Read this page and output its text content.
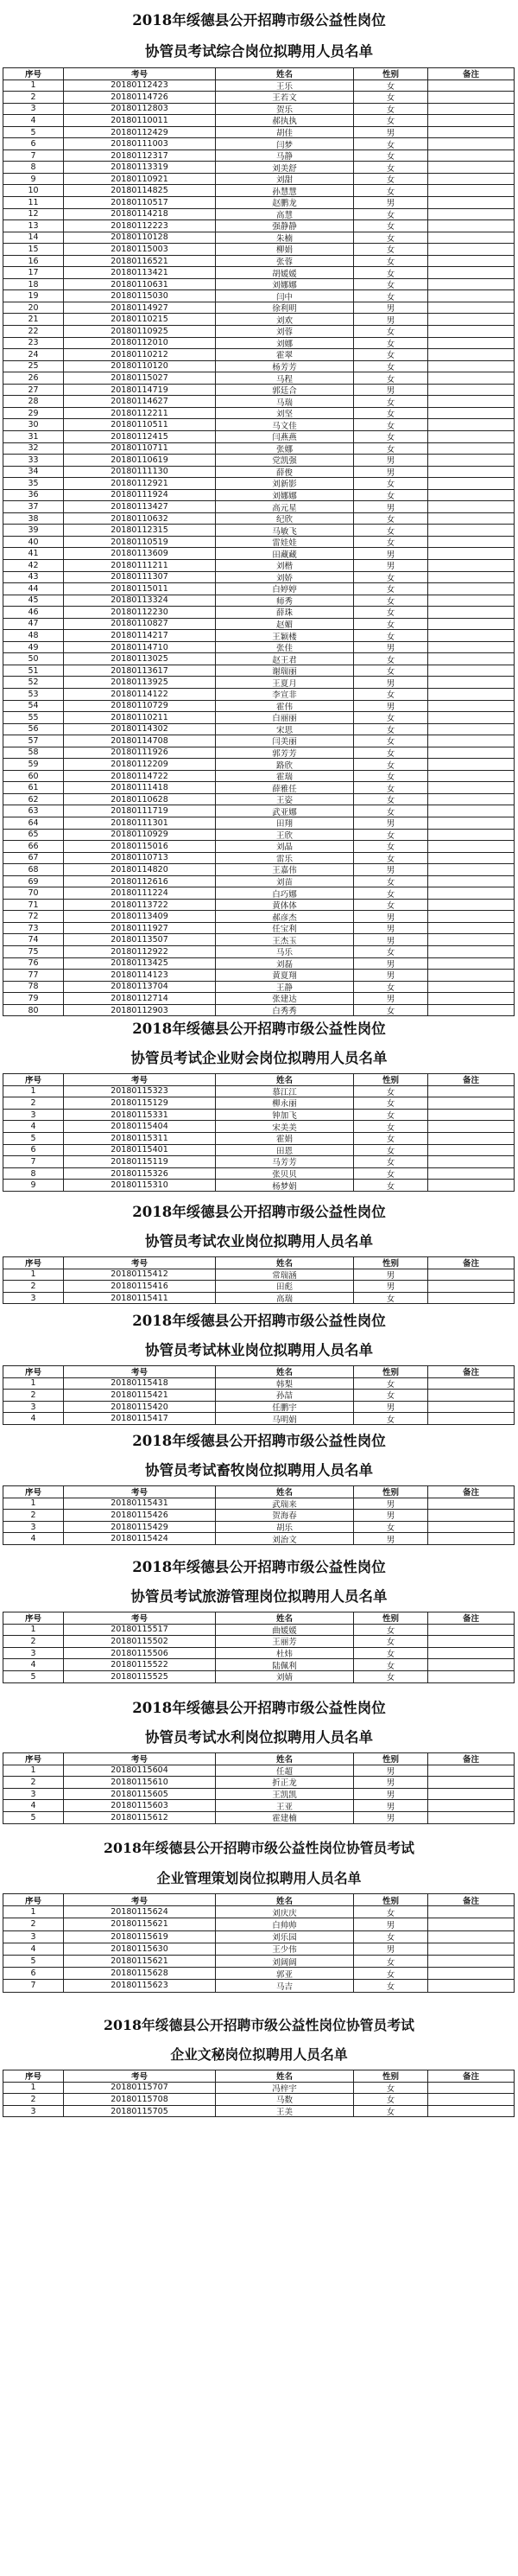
2018年绥德县公开招聘市级公益性岗位
协管员考试综合岗位拟聘用人员名单
序号	考号	姓名	性别	备注
1	20180112423	王乐	女
2	20180114726	王若文	女
3	20180112803	贺乐	女
4	20180110011	郝执执	女
5	20180112429	胡佳	男
6	20180111003	闫梦	女
7	20180112317	马静	女
8	20180113319	刘美舒	女
9	20180110921	刘甜	女
10	20180114825	孙慧慧	女
11	20180110517	赵鹏龙	男
12	20180114218	高慧	女
13	20180112223	强静静	女
14	20180110128	朱楠	女
15	20180115003	柳娟	女
16	20180116521	张蓉	女
17	20180113421	胡媛媛	女
18	20180110631	刘娜娜	女
19	20180115030	闫中	女
20	20180114927	徐利明	男
21	20180110215	刘欢	男
22	20180110925	刘蓉	女
23	20180112010	刘娜	女
24	20180110212	霍翠	女
25	20180110120	杨芳芳	女
26	20180115027	马程	女
27	20180114719	郭廷合	男
28	20180114627	马瑞	女
29	20180112211	刘坚	女
30	20180110511	马文佳	女
31	20180112415	闫燕燕	女
32	20180110711	张娜	女
33	20180110619	党凯强	男
34	20180111130	薛俊	男
35	20180112921	刘新影	女
36	20180111924	刘娜娜	女
37	20180113427	高元星	男
38	20180110632	纪欣	女
39	20180112315	马敏飞	女
40	20180110519	雷娃娃	女
41	20180113609	田藏藏	男
42	20180111211	刘楷	男
43	20180111307	刘娇	女
44	20180115011	白婷婷	女
45	20180113324	师秀	女
46	20180112230	薛珠	女
47	20180110827	赵媚	女
48	20180114217	王颖楼	女
49	20180114710	张佳	男
50	20180113025	赵王君	女
51	20180113617	谢瑞丽	女
52	20180113925	王夏月	男
53	20180114122	李宣非	女
54	20180110729	霍伟	男
55	20180110211	白丽丽	女
56	20180114302	宋思	女
57	20180114708	闫美丽	女
58	20180111926	郭芳芳	女
59	20180112209	路欣	女
60	20180114722	霍瑞	女
61	20180111418	薛雅任	女
62	20180110628	王姿	女
63	20180111719	武亚娜	女
64	20180111301	田翔	男
65	20180110929	王欣	女
66	20180115016	刘晶	女
67	20180110713	雷乐	女
68	20180114820	王嘉伟	男
69	20180112616	刘苗	女
70	20180111224	白巧娜	女
71	20180113722	黄体体	女
72	20180113409	郝彦杰	男
73	20180111927	任宝利	男
74	20180113507	王杰玉	男
75	20180112922	马乐	女
76	20180113425	刘磊	男
77	20180114123	黄夏翔	男
78	20180113704	王静	女
79	20180112714	张建达	男
80	20180112903	白秀秀	女
2018年绥德县公开招聘市级公益性岗位
协管员考试企业财会岗位拟聘用人员名单
序号	考号	姓名	性别	备注
1	20180115323	慕江江	女
2	20180115129	柳永丽	女
3	20180115331	钟加飞	女
4	20180115404	宋美美	女
5	20180115311	霍娟	女
6	20180115401	田恩	女
7	20180115119	马芳芳	女
8	20180115326	张贝贝	女
9	20180115310	杨梦娟	女
2018年绥德县公开招聘市级公益性岗位
协管员考试农业岗位拟聘用人员名单
序号	考号	姓名	性别	备注
1	20180115412	常瑞涵	男
2	20180115416	田彪	男
3	20180115411	高瑞	女
2018年绥德县公开招聘市级公益性岗位
协管员考试林业岗位拟聘用人员名单
序号	考号	姓名	性别	备注
1	20180115418	韩梨	女
2	20180115421	孙喆	女
3	20180115420	任鹏宇	男
4	20180115417	马明娟	女
2018年绥德县公开招聘市级公益性岗位
协管员考试畜牧岗位拟聘用人员名单
序号	考号	姓名	性别	备注
1	20180115431	武瑞来	男
2	20180115426	贺海春	男
3	20180115429	胡乐	女
4	20180115424	刘治文	男
2018年绥德县公开招聘市级公益性岗位
协管员考试旅游管理岗位拟聘用人员名单
序号	考号	姓名	性别	备注
1	20180115517	曲媛媛	女
2	20180115502	王丽芳	女
3	20180115506	杜炜	女
4	20180115522	陆佩利	女
5	20180115525	刘婧	女
2018年绥德县公开招聘市级公益性岗位
协管员考试水利岗位拟聘用人员名单
序号	考号	姓名	性别	备注
1	20180115604	任超	男
2	20180115610	折正龙	男
3	20180115605	王凯凯	男
4	20180115603	王亚	男
5	20180115612	霍建楠	男
2018年绥德县公开招聘市级公益性岗位协管员考试
企业管理策划岗位拟聘用人员名单
序号	考号	姓名	性别	备注
1	20180115624	刘庆庆	女
2	20180115621	白帅帅	男
3	20180115619	刘乐园	女
4	20180115630	王少伟	男
5	20180115621	刘阔阔	女
6	20180115628	郭亚	女
7	20180115623	马吉	女
2018年绥德县公开招聘市级公益性岗位协管员考试
企业文秘岗位拟聘用人员名单
序号	考号	姓名	性别	备注
1	20180115707	冯梓宇	女
2	20180115708	马数	女
3	20180115705	王美	女
